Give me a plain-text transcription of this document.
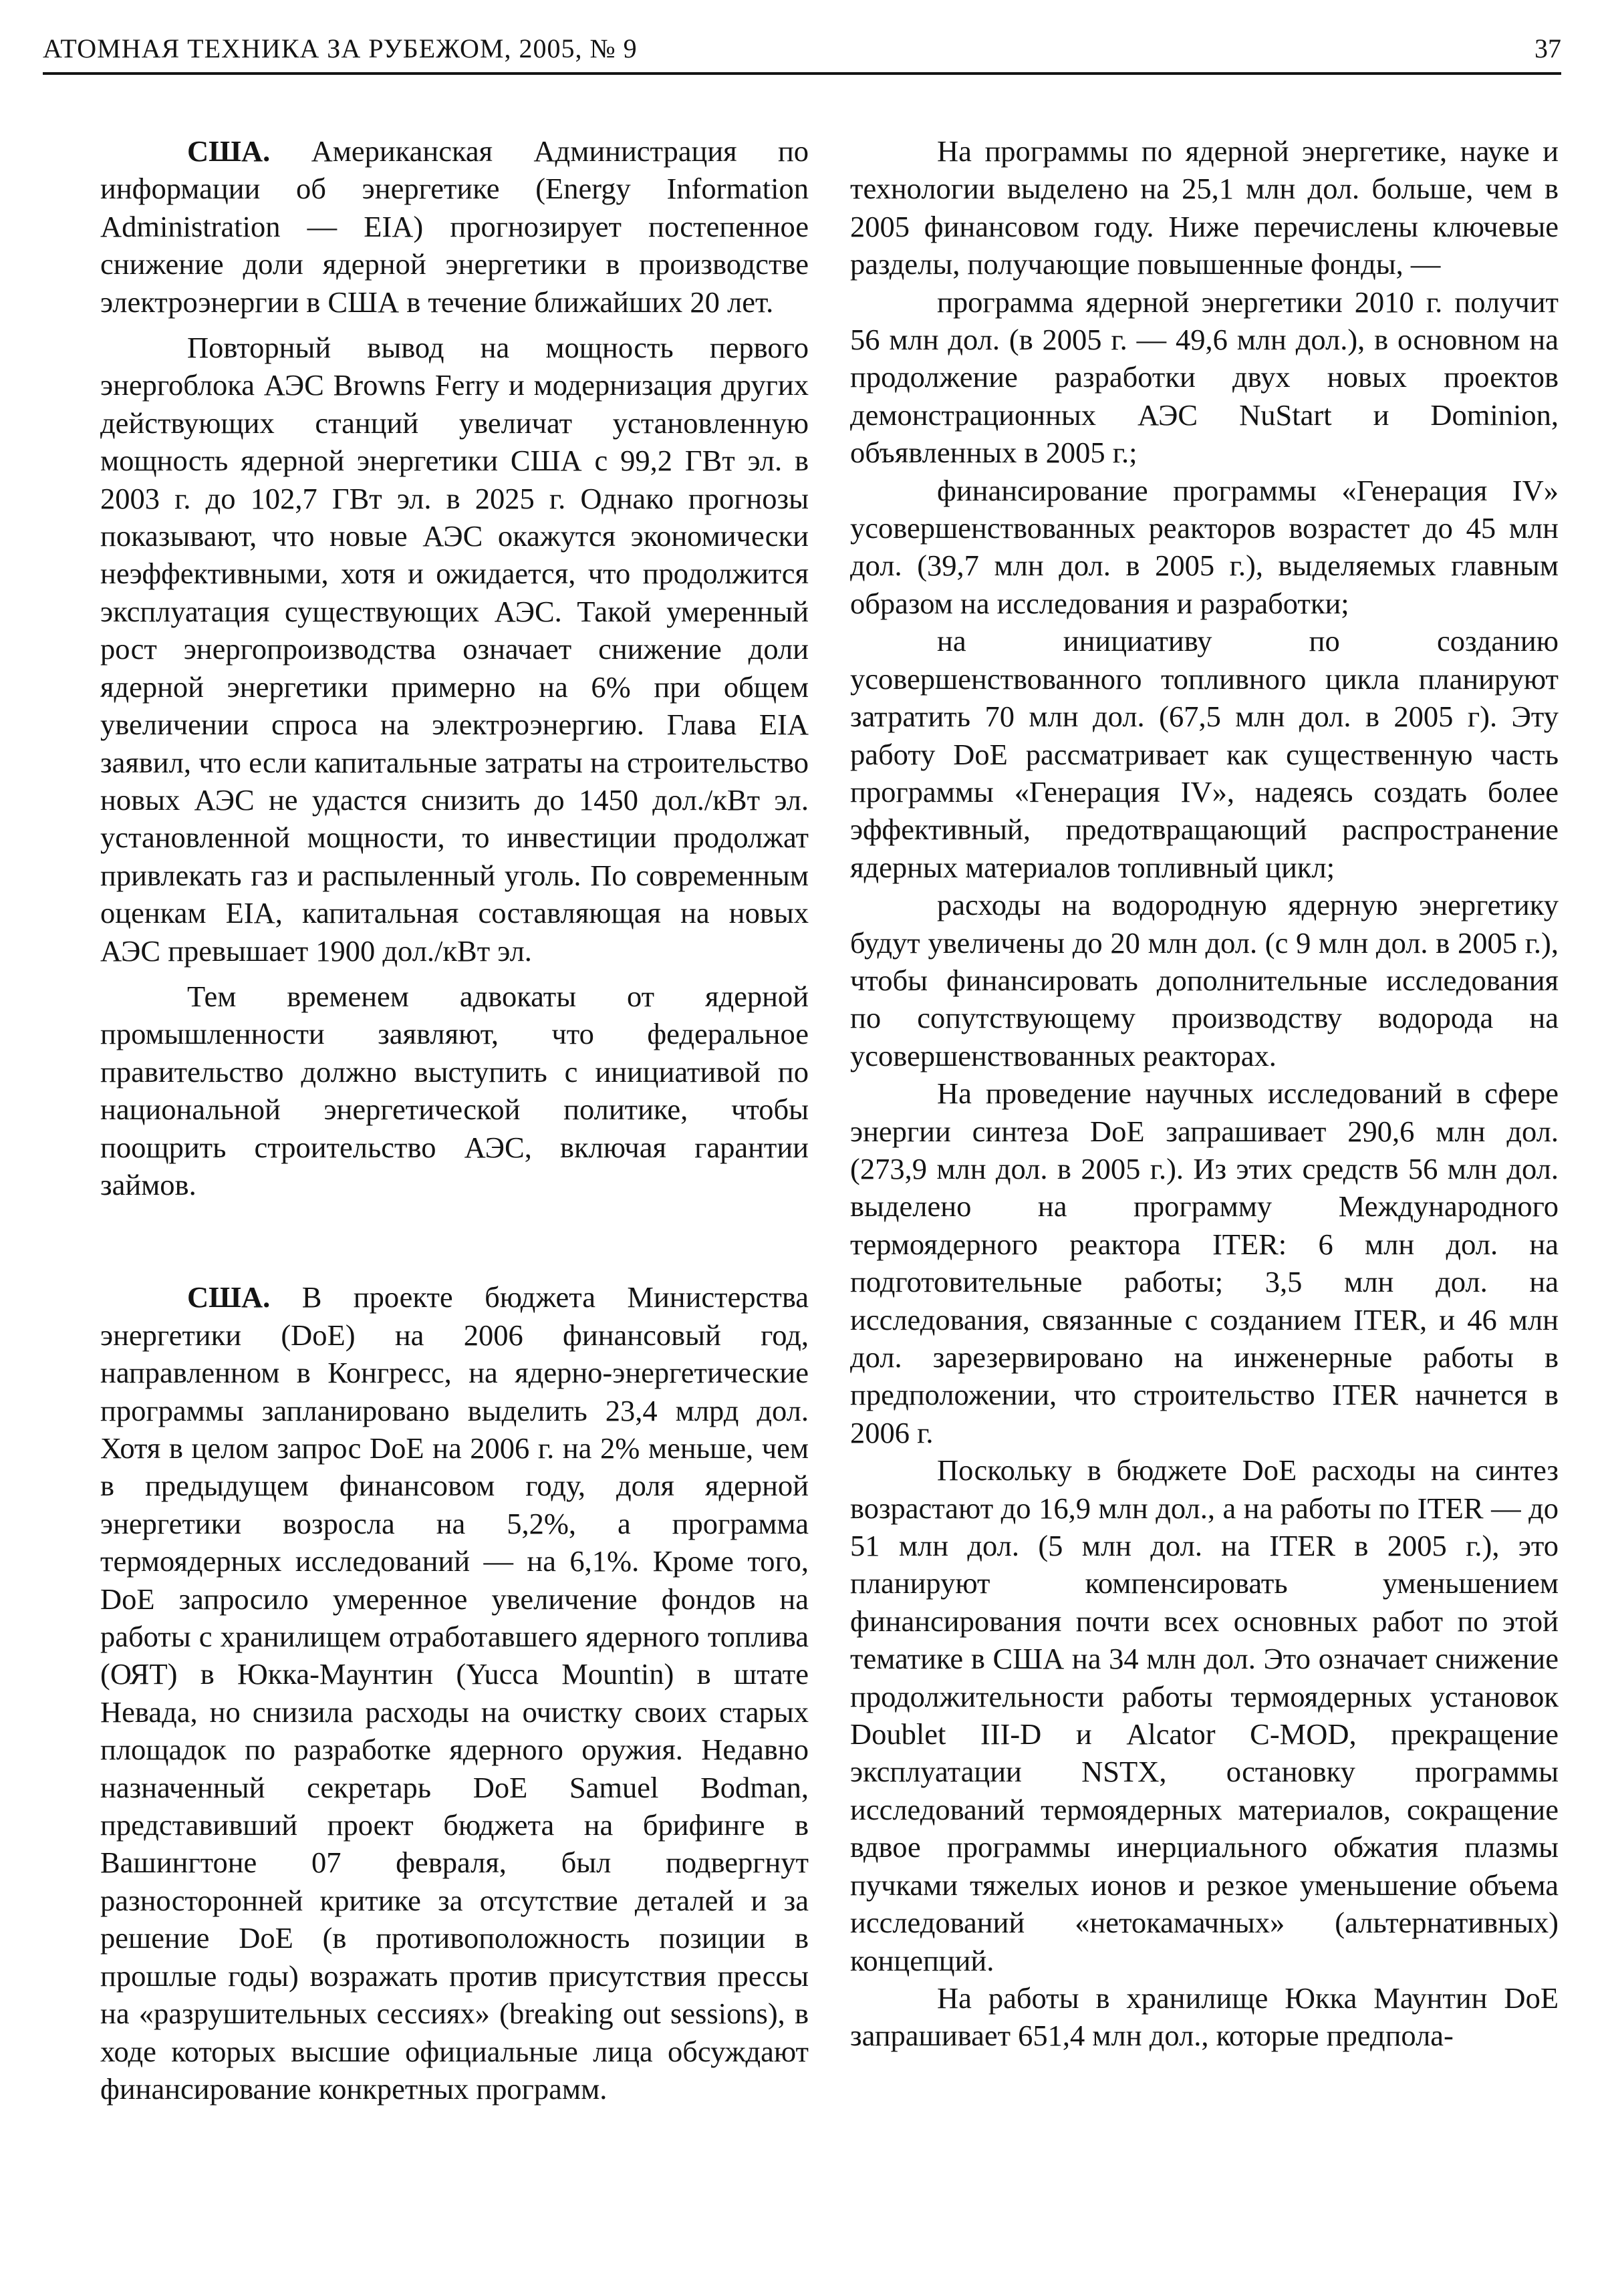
АТОМНАЯ ТЕХНИКА ЗА РУБЕЖОМ, 2005, № 9	37

США. Американская Администрация по информации об энергетике (Energy Information Administration — EIA) прогнозирует постепенное снижение доли ядерной энергетики в производстве электроэнергии в США в течение ближайших 20 лет.

Повторный вывод на мощность первого энергоблока АЭС Browns Ferry и модернизация других действующих станций увеличат установленную мощность ядерной энергетики США с 99,2 ГВт эл. в 2003 г. до 102,7 ГВт эл. в 2025 г. Однако прогнозы показывают, что новые АЭС окажутся экономически неэффективными, хотя и ожидается, что продолжится эксплуатация существующих АЭС. Такой умеренный рост энергопроизводства означает снижение доли ядерной энергетики примерно на 6% при общем увеличении спроса на электроэнергию. Глава EIA заявил, что если капитальные затраты на строительство новых АЭС не удастся снизить до 1450 дол./кВт эл. установленной мощности, то инвестиции продолжат привлекать газ и распыленный уголь. По современным оценкам EIA, капитальная составляющая на новых АЭС превышает 1900 дол./кВт эл.

Тем временем адвокаты от ядерной промышленности заявляют, что федеральное правительство должно выступить с инициативой по национальной энергетической политике, чтобы поощрить строительство АЭС, включая гарантии займов.

США. В проекте бюджета Министерства энергетики (DoE) на 2006 финансовый год, направленном в Конгресс, на ядерно-энергетические программы запланировано выделить 23,4 млрд дол. Хотя в целом запрос DoE на 2006 г. на 2% меньше, чем в предыдущем финансовом году, доля ядерной энергетики возросла на 5,2%, а программа термоядерных исследований — на 6,1%. Кроме того, DoE запросило умеренное увеличение фондов на работы с хранилищем отработавшего ядерного топлива (ОЯТ) в Юкка-Маунтин (Yucca Mountin) в штате Невада, но снизила расходы на очистку своих старых площадок по разработке ядерного оружия. Недавно назначенный секретарь DoE Samuel Bodman, представивший проект бюджета на брифинге в Вашингтоне 07 февраля, был подвергнут разносторонней критике за отсутствие деталей и за решение DoE (в противоположность позиции в прошлые годы) возражать против присутствия прессы на «разрушительных сессиях» (breaking out sessions), в ходе которых высшие официальные лица обсуждают финансирование конкретных программ.

На программы по ядерной энергетике, науке и технологии выделено на 25,1 млн дол. больше, чем в 2005 финансовом году. Ниже перечислены ключевые разделы, получающие повышенные фонды, —

программа ядерной энергетики 2010 г. получит 56 млн дол. (в 2005 г. — 49,6 млн дол.), в основном на продолжение разработки двух новых проектов демонстрационных АЭС NuStart и Dominion, объявленных в 2005 г.;

финансирование программы «Генерация IV» усовершенствованных реакторов возрастет до 45 млн дол. (39,7 млн дол. в 2005 г.), выделяемых главным образом на исследования и разработки;

на инициативу по созданию усовершенствованного топливного цикла планируют затратить 70 млн дол. (67,5 млн дол. в 2005 г). Эту работу DoE рассматривает как существенную часть программы «Генерация IV», надеясь создать более эффективный, предотвращающий распространение ядерных материалов топливный цикл;

расходы на водородную ядерную энергетику будут увеличены до 20 млн дол. (с 9 млн дол. в 2005 г.), чтобы финансировать дополнительные исследования по сопутствующему производству водорода на усовершенствованных реакторах.

На проведение научных исследований в сфере энергии синтеза DoE запрашивает 290,6 млн дол. (273,9 млн дол. в 2005 г.). Из этих средств 56 млн дол. выделено на программу Международного термоядерного реактора ITER: 6 млн дол. на подготовительные работы; 3,5 млн дол. на исследования, связанные с созданием ITER, и 46 млн дол. зарезервировано на инженерные работы в предположении, что строительство ITER начнется в 2006 г.

Поскольку в бюджете DoE расходы на синтез возрастают до 16,9 млн дол., а на работы по ITER — до 51 млн дол. (5 млн дол. на ITER в 2005 г.), это планируют компенсировать уменьшением финансирования почти всех основных работ по этой тематике в США на 34 млн дол. Это означает снижение продолжительности работы термоядерных установок Doublet III-D и Alcator C-MOD, прекращение эксплуатации NSTX, остановку программы исследований термоядерных материалов, сокращение вдвое программы инерциального обжатия плазмы пучками тяжелых ионов и резкое уменьшение объема исследований «нетокамачных» (альтернативных) концепций.

На работы в хранилище Юкка Маунтин DoE запрашивает 651,4 млн дол., которые предпола-
